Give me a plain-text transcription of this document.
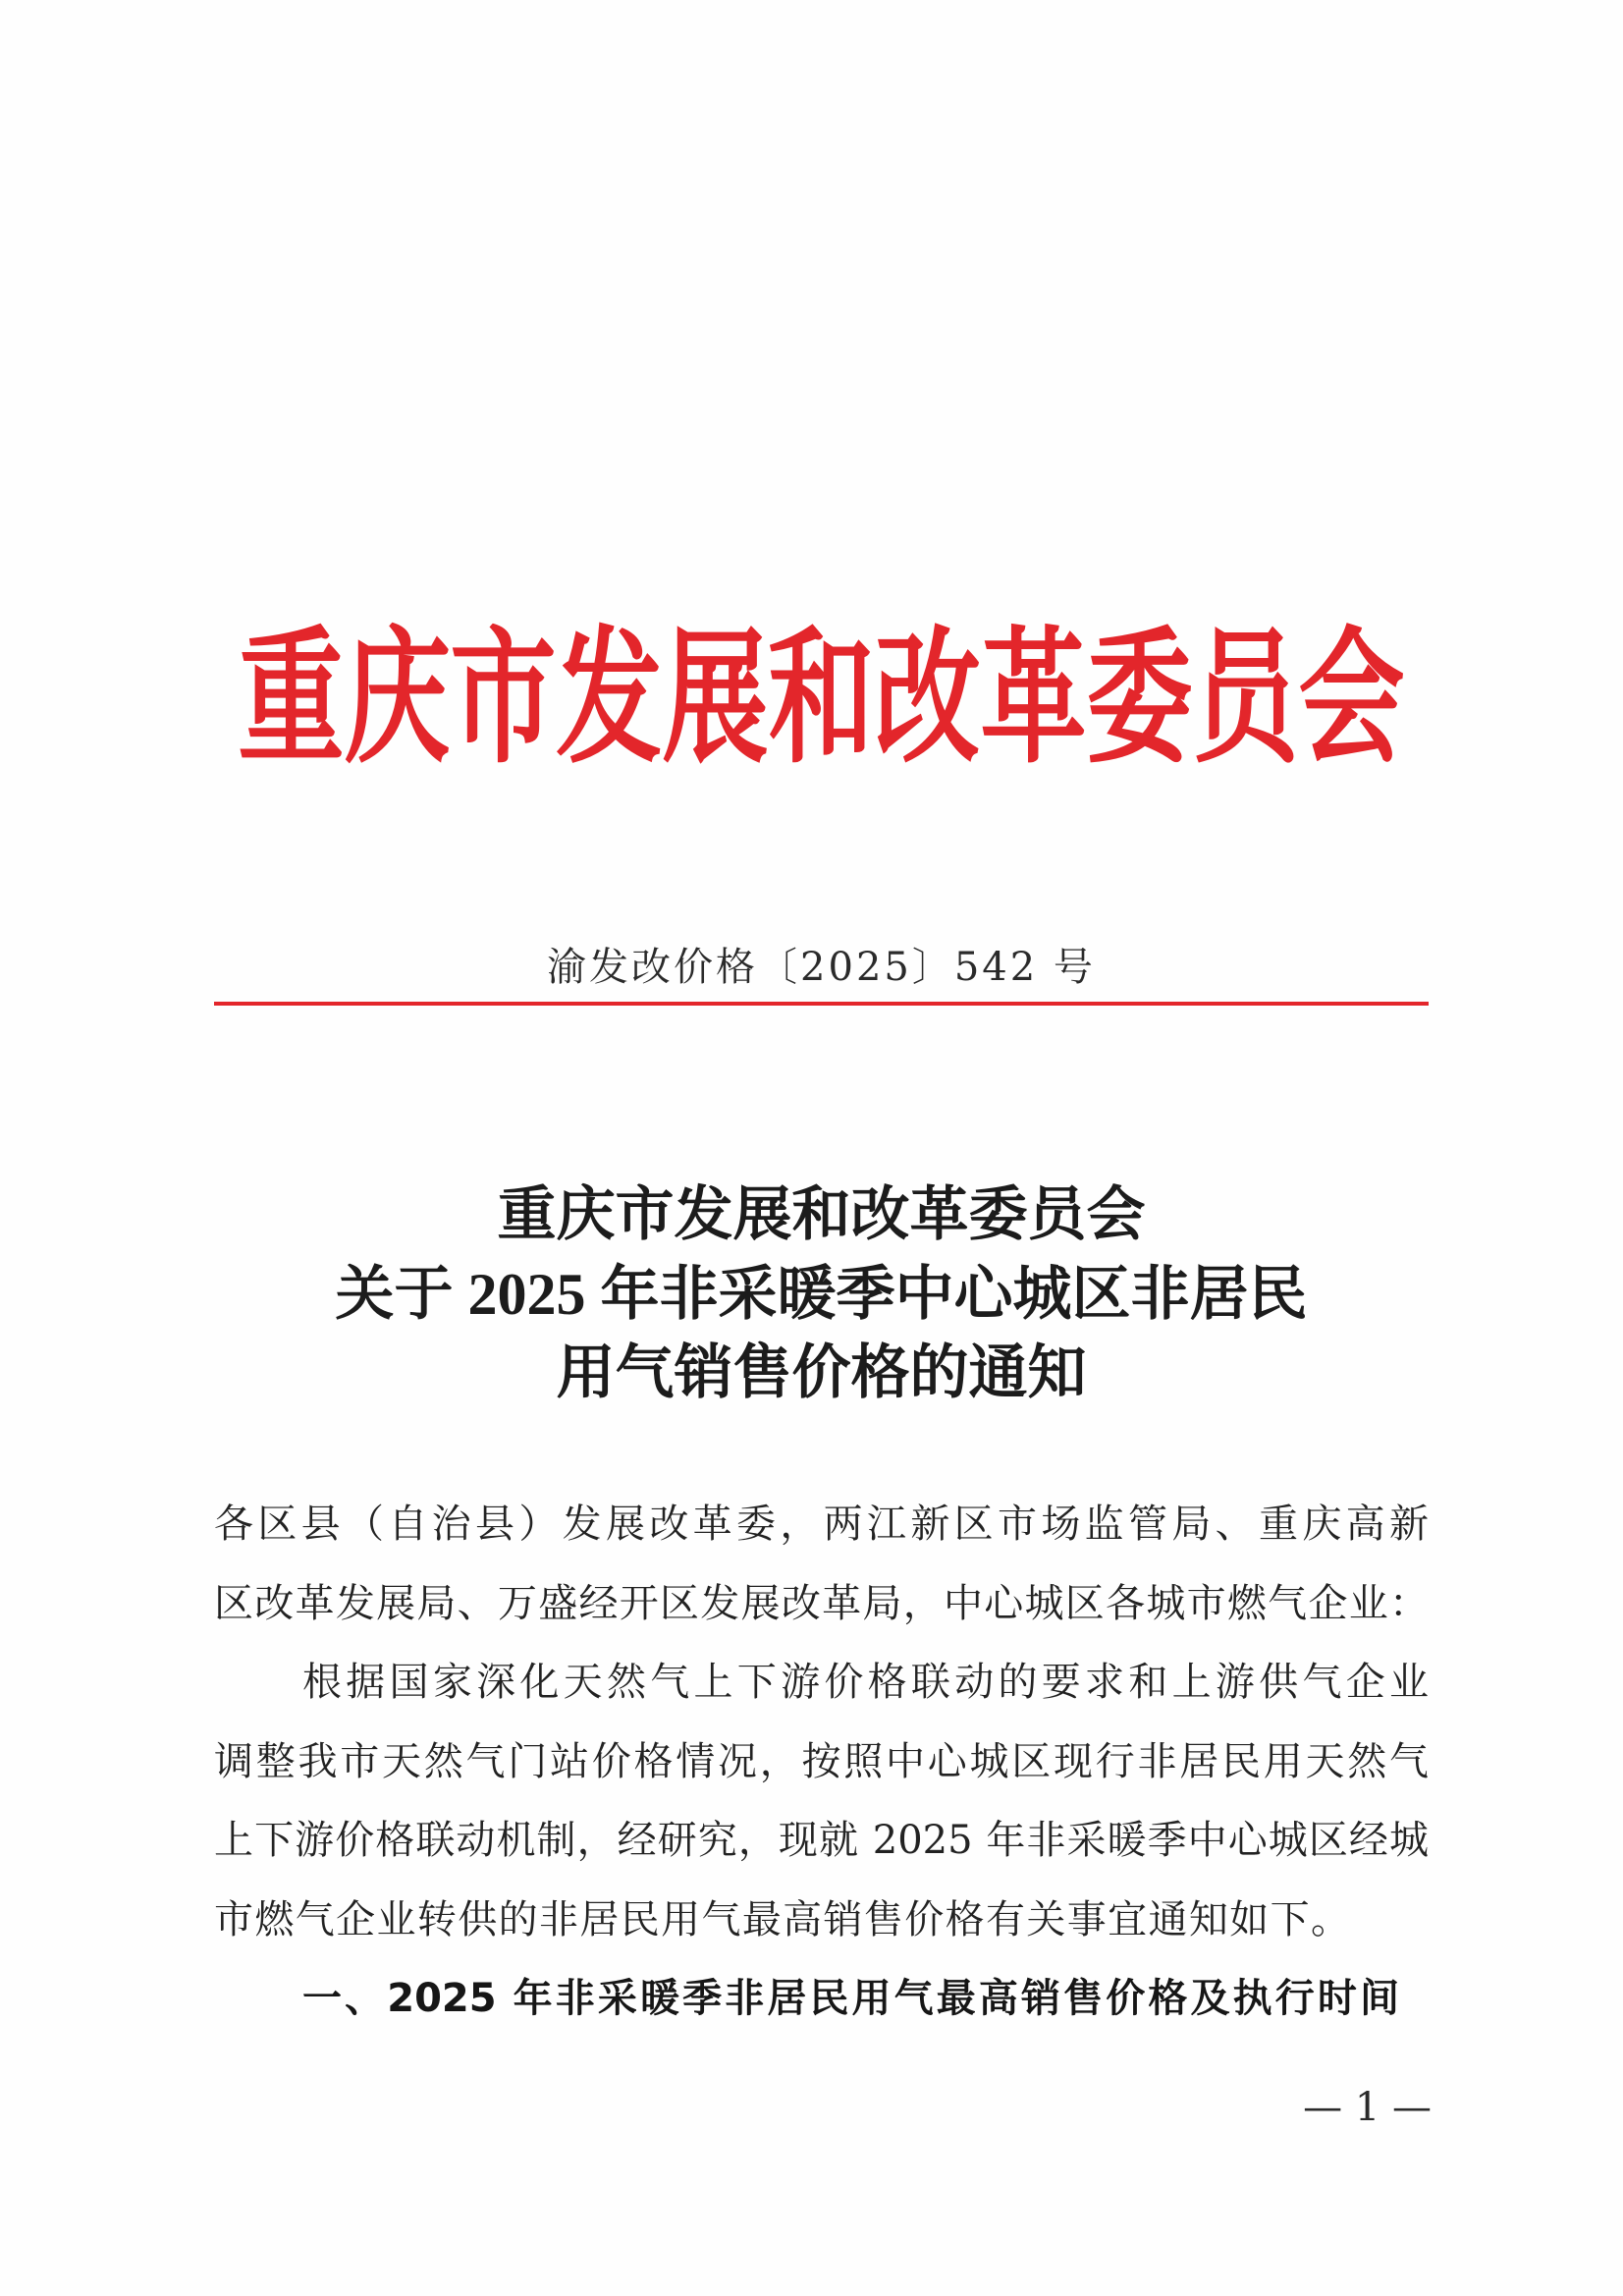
重庆市发展和改革委员会
渝发改价格〔2025〕542 号
重庆市发展和改革委员会
关于 2025 年非采暖季中心城区非居民
用气销售价格的通知
各区县（自治县）发展改革委，两江新区市场监管局、重庆高新
区改革发展局、万盛经开区发展改革局，中心城区各城市燃气企业：
根据国家深化天然气上下游价格联动的要求和上游供气企业
调整我市天然气门站价格情况，按照中心城区现行非居民用天然气
上下游价格联动机制，经研究，现就 2025 年非采暖季中心城区经城
市燃气企业转供的非居民用气最高销售价格有关事宜通知如下。
一、2025 年非采暖季非居民用气最高销售价格及执行时间
— 1 —
